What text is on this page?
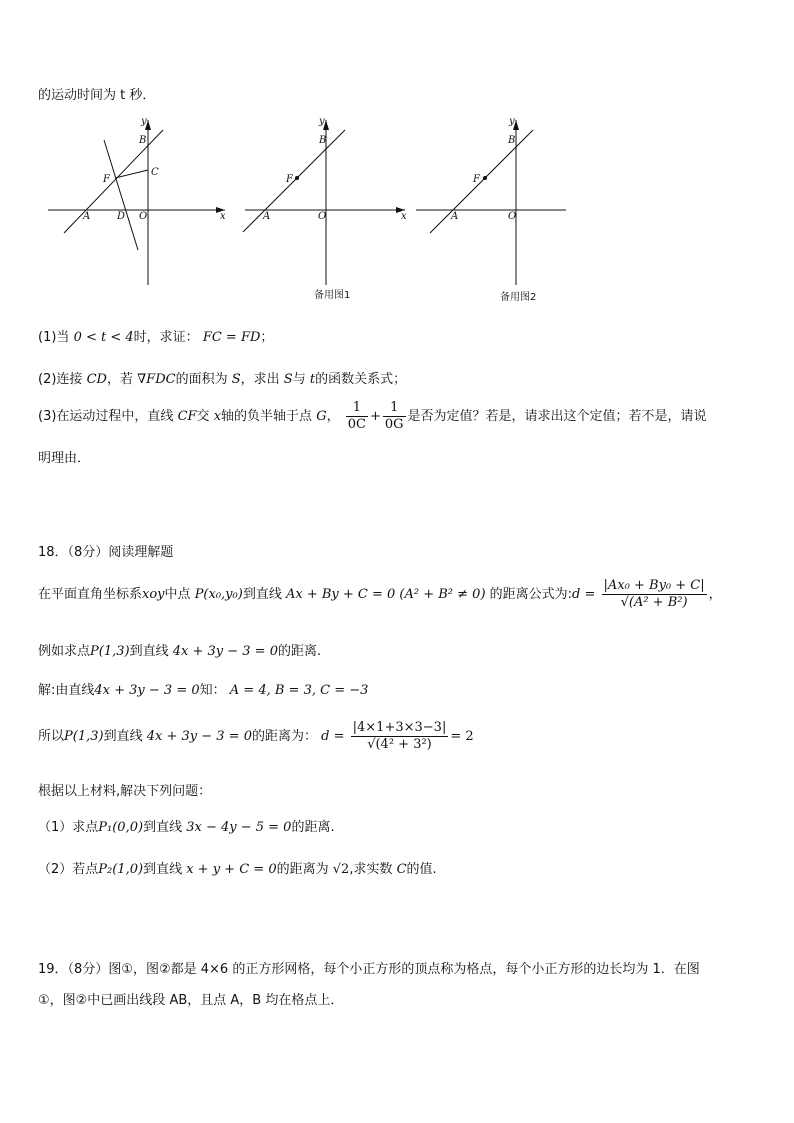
的运动时间为 t 秒．
y
x
B
C
F
A	D O
y
x
B
F
A	O
备用图1
y
B
F
A	O
备用图2
(1)当 0 < t < 4时，求证： FC = FD；
(2)连接 CD，若 ∇FDC的面积为 S，求出 S与 t的函数关系式；
(3)在运动过程中，直线 CF交 x轴的负半轴于点 G， $\frac{1}{0C} + \frac{1}{0G}$ 是否为定值？若是，请求出这个定值；若不是，请说
明理由．
18．（8分）阅读理解题
在平面直角坐标系xoy中点 P(x₀,y₀)到直线 Ax + By + C = 0 (A² + B² ≠ 0) 的距离公式为:d = $\frac{\text{|Ax₀ + By₀ + C|}}{\text{√(A² + B²)}}$ ，
例如求点P(1,3)到直线 4x + 3y − 3 = 0的距离.
解:由直线4x + 3y − 3 = 0知： A = 4, B = 3, C = −3
所以P(1,3)到直线 4x + 3y − 3 = 0的距离为： $d = \frac{|4\times 1+3\times 3-3|}{\text{√(4² + 3²)}} = 2$
根据以上材料,解决下列问题：
（1）求点P₁(0,0)到直线 3x − 4y − 5 = 0的距离.
（2）若点P₂(1,0)到直线 x + y + C = 0的距离为 √2,求实数 C的值.
19．（8分）图①，图②都是 4×6 的正方形网格，每个小正方形的顶点称为格点，每个小正方形的边长均为 1．在图
①，图②中已画出线段 AB，且点 A，B 均在格点上．
